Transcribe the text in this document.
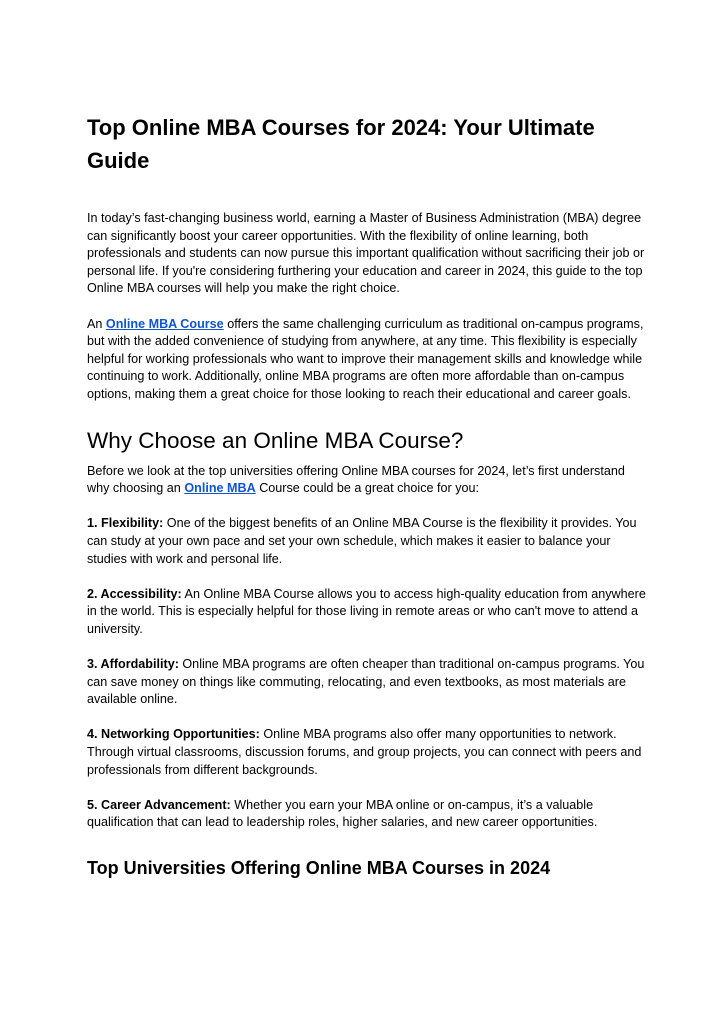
Top Online MBA Courses for 2024: Your Ultimate Guide

In today’s fast-changing business world, earning a Master of Business Administration (MBA) degree can significantly boost your career opportunities. With the flexibility of online learning, both professionals and students can now pursue this important qualification without sacrificing their job or personal life. If you're considering furthering your education and career in 2024, this guide to the top Online MBA courses will help you make the right choice.

An Online MBA Course offers the same challenging curriculum as traditional on-campus programs, but with the added convenience of studying from anywhere, at any time. This flexibility is especially helpful for working professionals who want to improve their management skills and knowledge while continuing to work. Additionally, online MBA programs are often more affordable than on-campus options, making them a great choice for those looking to reach their educational and career goals.

Why Choose an Online MBA Course?

Before we look at the top universities offering Online MBA courses for 2024, let’s first understand why choosing an Online MBA Course could be a great choice for you:

1. Flexibility: One of the biggest benefits of an Online MBA Course is the flexibility it provides. You can study at your own pace and set your own schedule, which makes it easier to balance your studies with work and personal life.

2. Accessibility: An Online MBA Course allows you to access high-quality education from anywhere in the world. This is especially helpful for those living in remote areas or who can't move to attend a university.

3. Affordability: Online MBA programs are often cheaper than traditional on-campus programs. You can save money on things like commuting, relocating, and even textbooks, as most materials are available online.

4. Networking Opportunities: Online MBA programs also offer many opportunities to network. Through virtual classrooms, discussion forums, and group projects, you can connect with peers and professionals from different backgrounds.

5. Career Advancement: Whether you earn your MBA online or on-campus, it’s a valuable qualification that can lead to leadership roles, higher salaries, and new career opportunities.

Top Universities Offering Online MBA Courses in 2024
